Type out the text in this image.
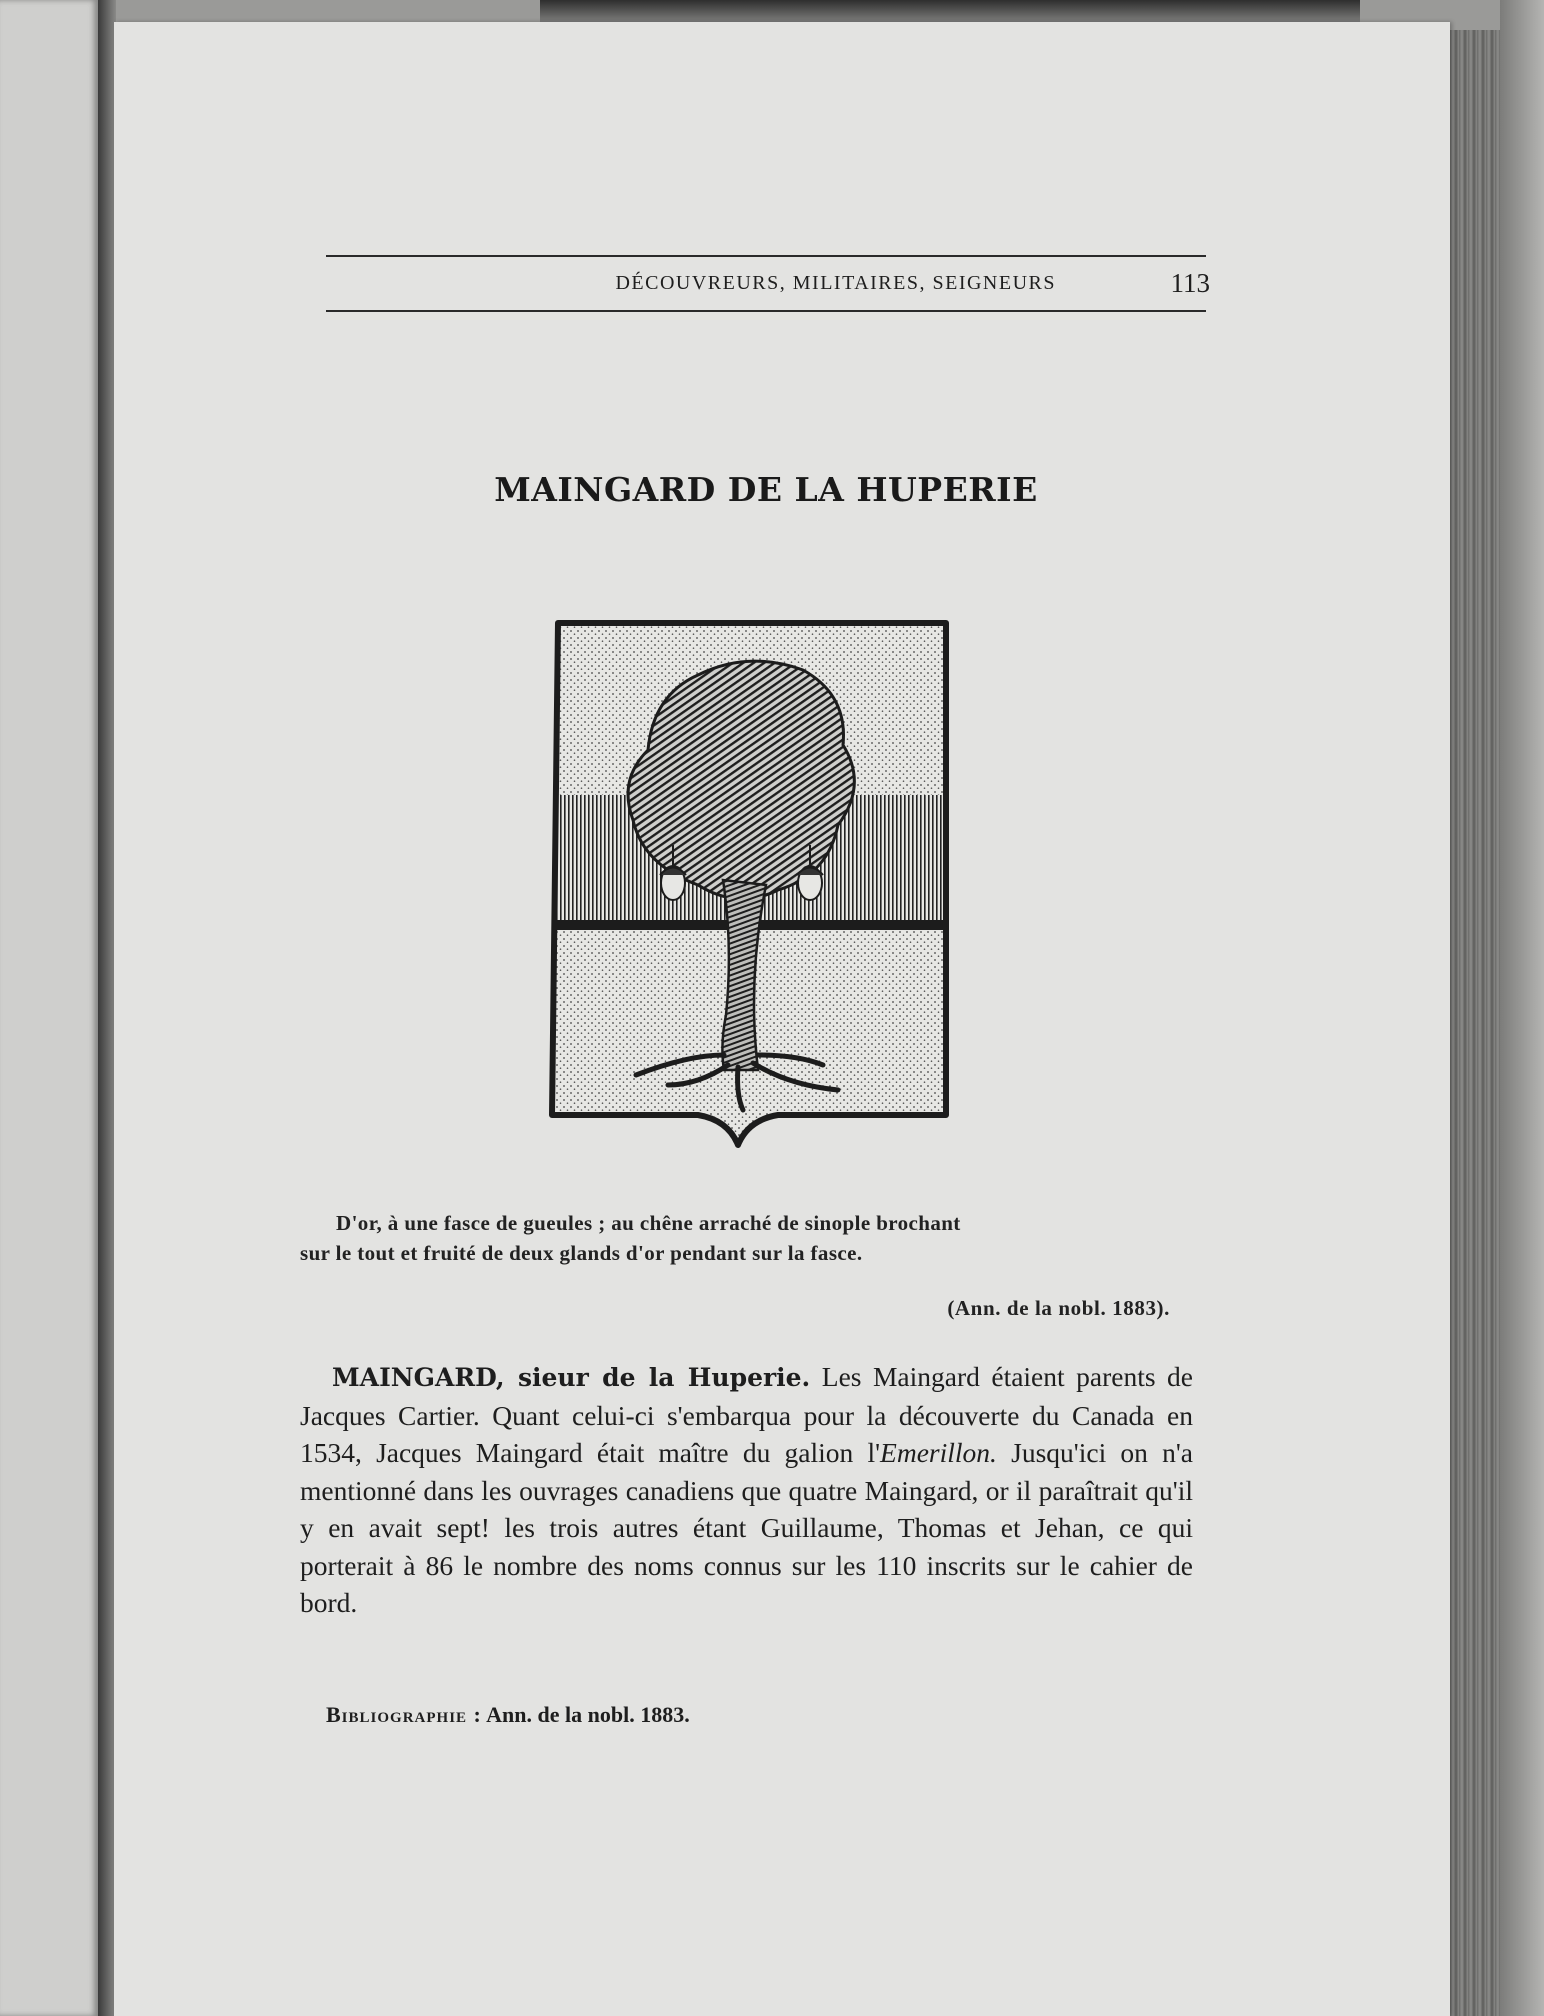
DÉCOUVREURS, MILITAIRES, SEIGNEURS	113
MAINGARD DE LA HUPERIE

D'or, à une fasce de gueules ; au chêne arraché de sinople brochant

sur le tout et fruité de deux glands d'or pendant sur la fasce.

(Ann. de la nobl. 1883).

MAINGARD, sieur de la Huperie. Les Maingard étaient parents de Jacques Cartier. Quant celui-ci s'embarqua pour la découverte du Canada en 1534, Jacques Maingard était maître du galion l'Emerillon. Jusqu'ici on n'a mentionné dans les ouvrages canadiens que quatre Maingard, or il paraîtrait qu'il y en avait sept! les trois autres étant Guillaume, Thomas et Jehan, ce qui porterait à 86 le nombre des noms connus sur les 110 inscrits sur le cahier de bord.

Bibliographie : Ann. de la nobl. 1883.
